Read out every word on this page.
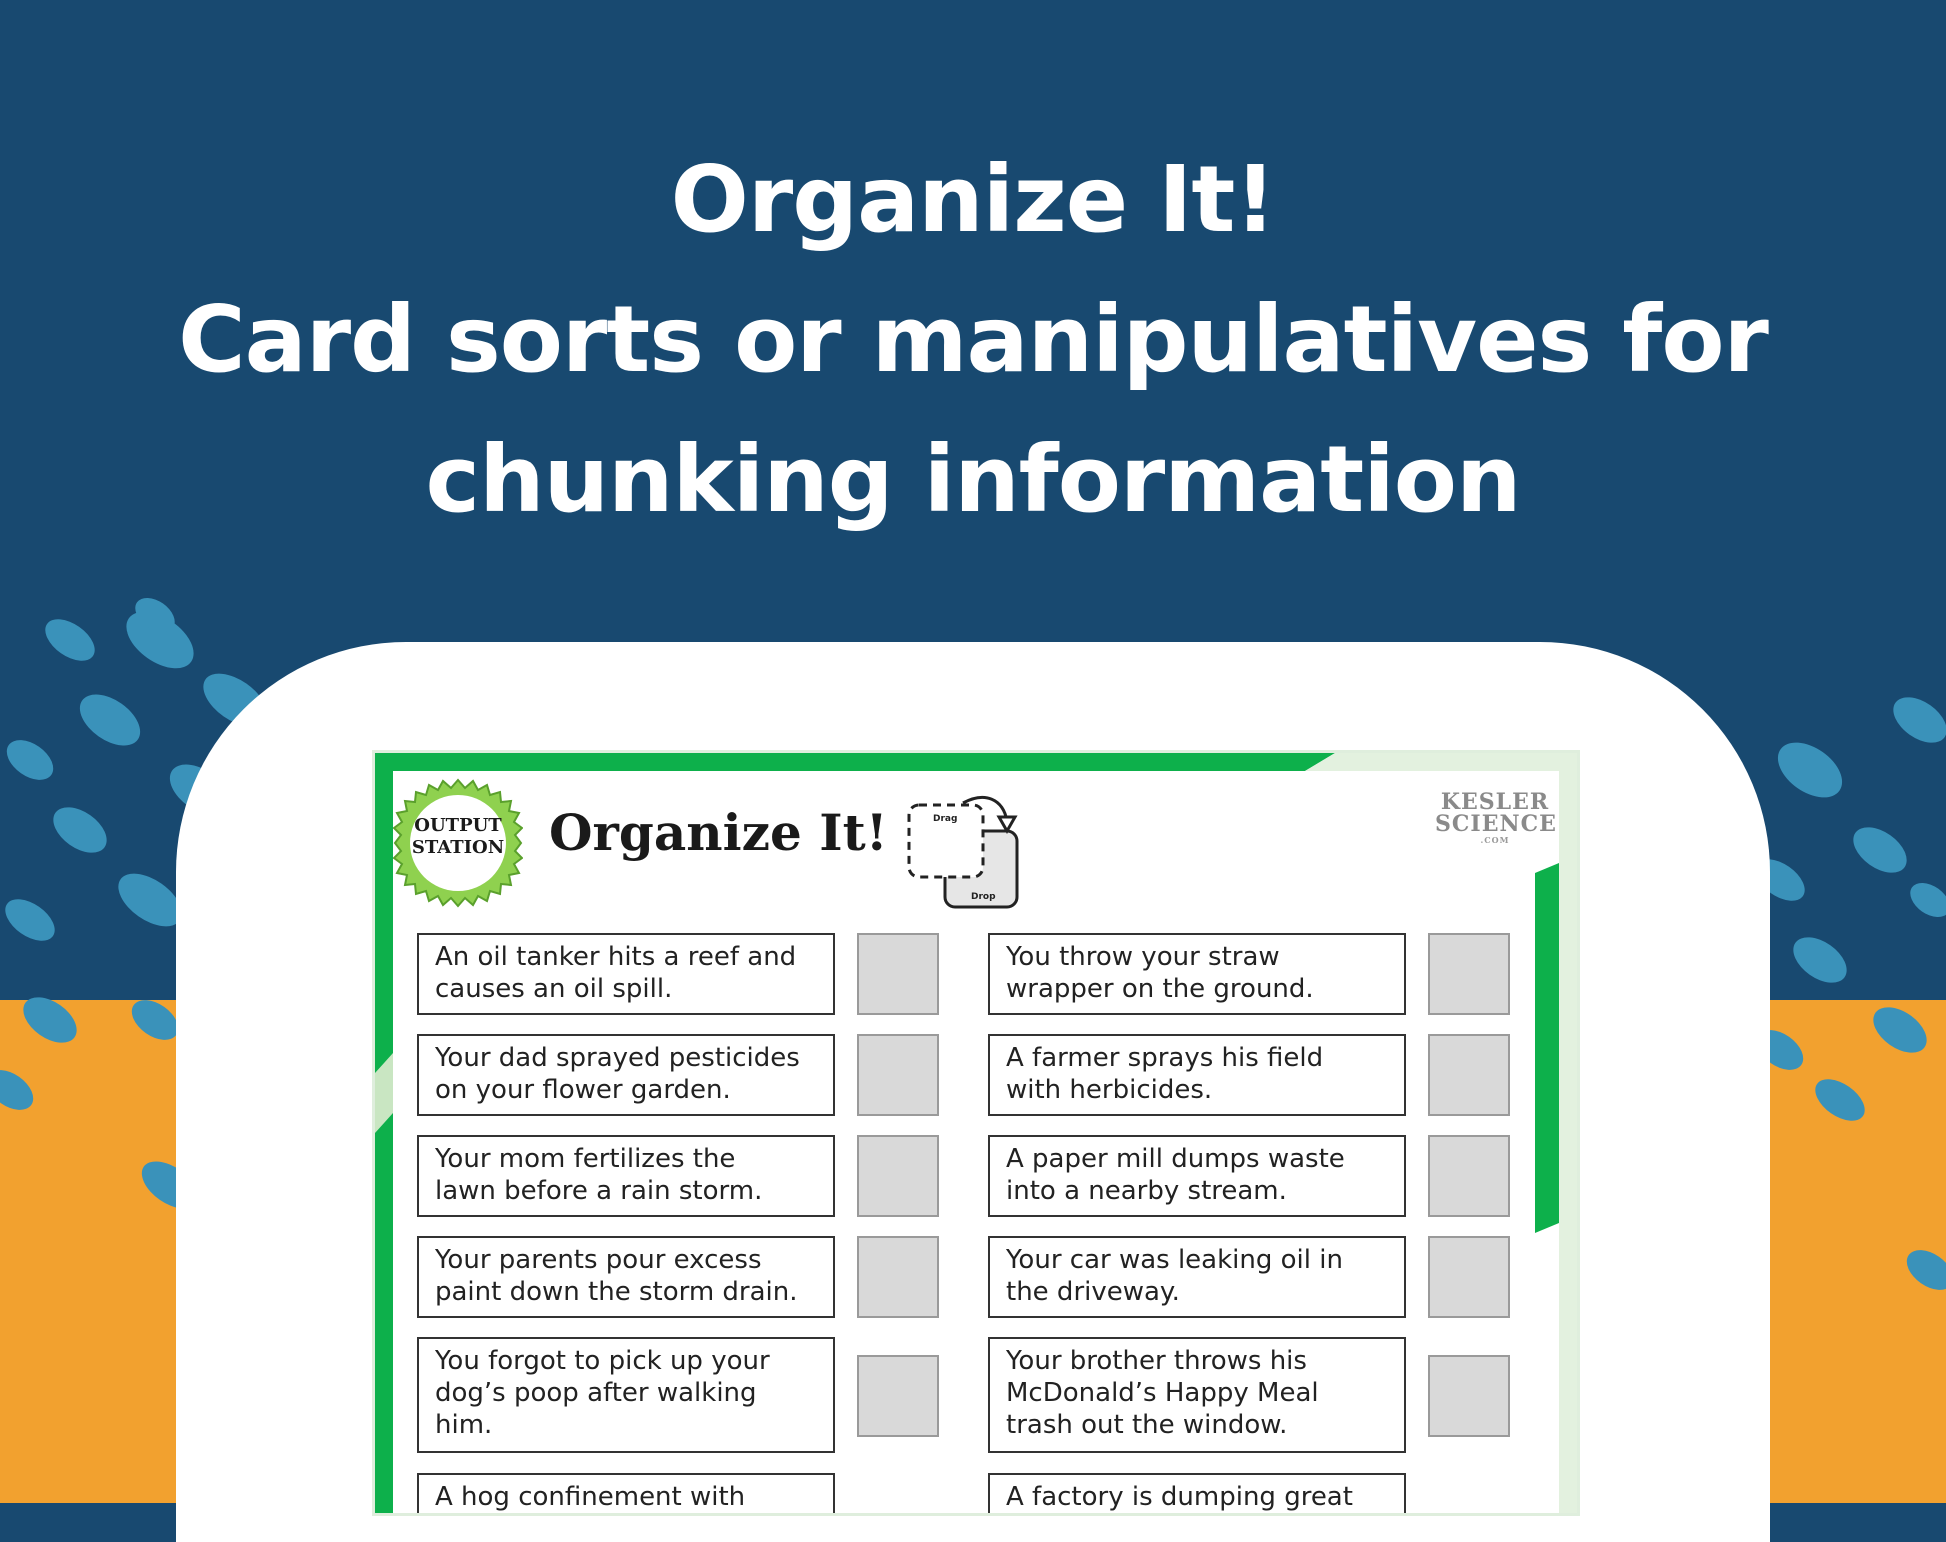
Organize It!
Card sorts or manipulatives for
chunking information
OUTPUT
STATION Organize It!	Drag
Drop
KESLER
SCIENCE
.COM
An oil tanker hits a reef and
causes an oil spill.
Your dad sprayed pesticides
on your flower garden.
Your mom fertilizes the
lawn before a rain storm.
Your parents pour excess
paint down the storm drain.
You forgot to pick up your
dog’s poop after walking
him.
A hog confinement with
You throw your straw
wrapper on the ground.
A farmer sprays his field
with herbicides.
A paper mill dumps waste
into a nearby stream.
Your car was leaking oil in
the driveway.
Your brother throws his
McDonald’s Happy Meal
trash out the window.
A factory is dumping great
